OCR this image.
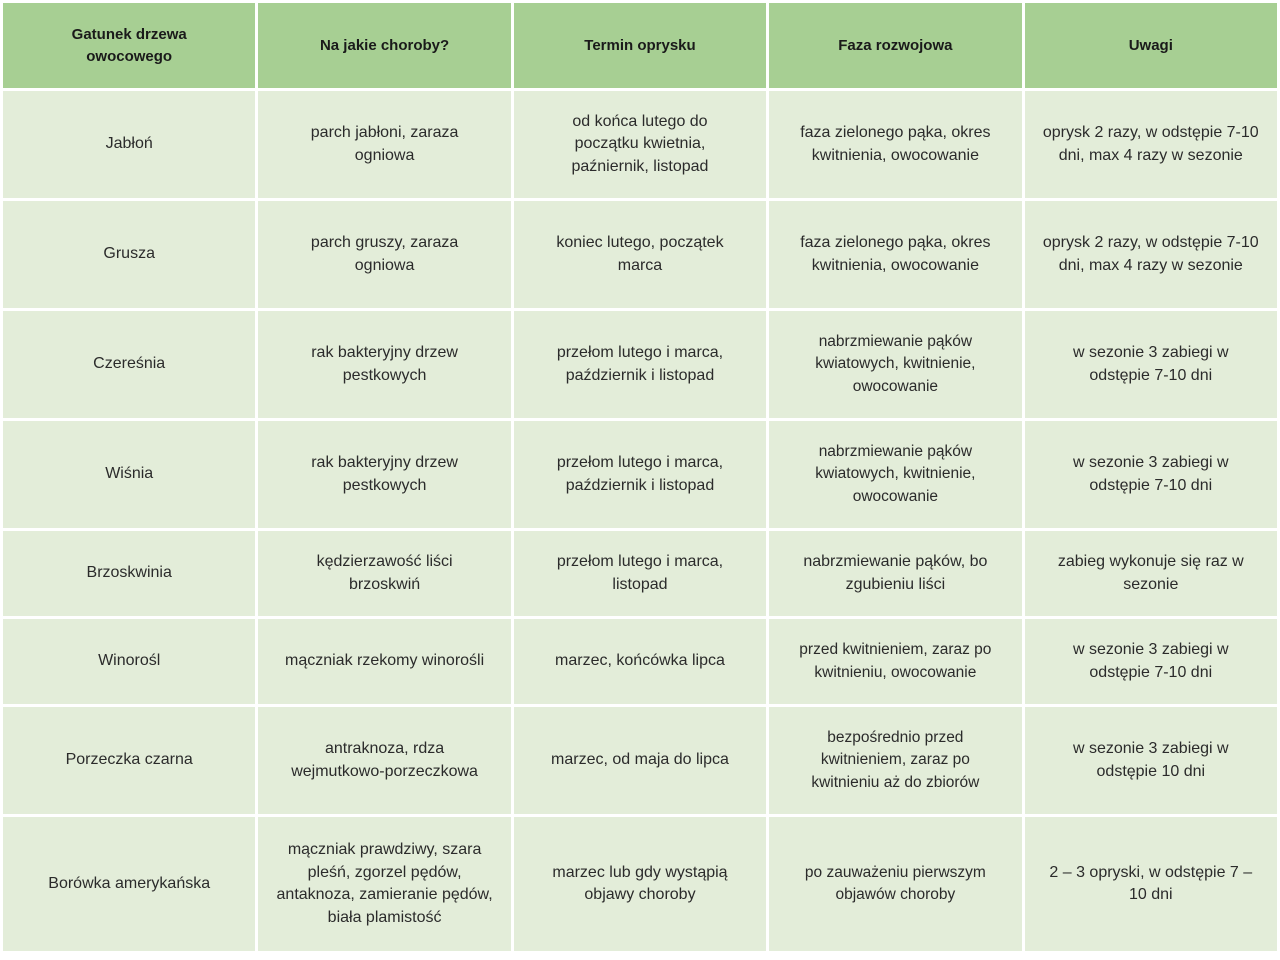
Gatunek drzewa owocowego	Na jakie choroby?	Termin oprysku	Faza rozwojowa	Uwagi
Jabłoń	parch jabłoni, zaraza ogniowa	od końca lutego do początku kwietnia, paźniernik, listopad	faza zielonego pąka, okres kwitnienia, owocowanie	oprysk 2 razy, w odstępie 7-10 dni, max 4 razy w sezonie
Grusza	parch gruszy, zaraza ogniowa	koniec lutego, początek marca	faza zielonego pąka, okres kwitnienia, owocowanie	oprysk 2 razy, w odstępie 7-10 dni, max 4 razy w sezonie
Czereśnia	rak bakteryjny drzew pestkowych	przełom lutego i marca, październik i listopad	nabrzmiewanie pąków kwiatowych, kwitnienie, owocowanie	w sezonie 3 zabiegi w odstępie 7-10 dni
Wiśnia	rak bakteryjny drzew pestkowych	przełom lutego i marca, październik i listopad	nabrzmiewanie pąków kwiatowych, kwitnienie, owocowanie	w sezonie 3 zabiegi w odstępie 7-10 dni
Brzoskwinia	kędzierzawość liści brzoskwiń	przełom lutego i marca, listopad	nabrzmiewanie pąków, bo zgubieniu liści	zabieg wykonuje się raz w sezonie
Winorośl	mączniak rzekomy winorośli	marzec, końcówka lipca	przed kwitnieniem, zaraz po kwitnieniu, owocowanie	w sezonie 3 zabiegi w odstępie 7-10 dni
Porzeczka czarna	antraknoza, rdza wejmutkowo-porzeczkowa	marzec, od maja do lipca	bezpośrednio przed kwitnieniem, zaraz po kwitnieniu aż do zbiorów	w sezonie 3 zabiegi w odstępie 10 dni
Borówka amerykańska	mączniak prawdziwy, szara pleśń, zgorzel pędów, antaknoza, zamieranie pędów, biała plamistość	marzec lub gdy wystąpią objawy choroby	po zauważeniu pierwszym objawów choroby	2 – 3 opryski, w odstępie 7 – 10 dni
